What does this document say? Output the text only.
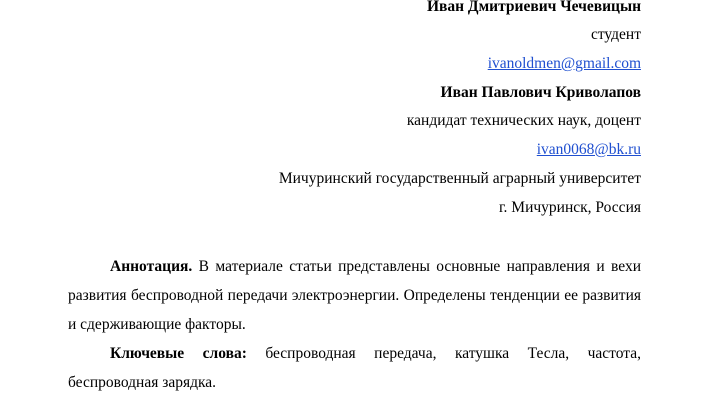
Иван Дмитриевич Чечевицын
студент
ivanoldmen@gmail.com
Иван Павлович Криволапов
кандидат технических наук, доцент
ivan0068@bk.ru
Мичуринский государственный аграрный университет
г. Мичуринск, Россия
Аннотация. В материале статьи представлены основные направления и вехи развития беспроводной передачи электроэнергии. Определены тенденции ее развития и сдерживающие факторы.
Ключевые слова: беспроводная передача, катушка Тесла, частота, беспроводная зарядка.
